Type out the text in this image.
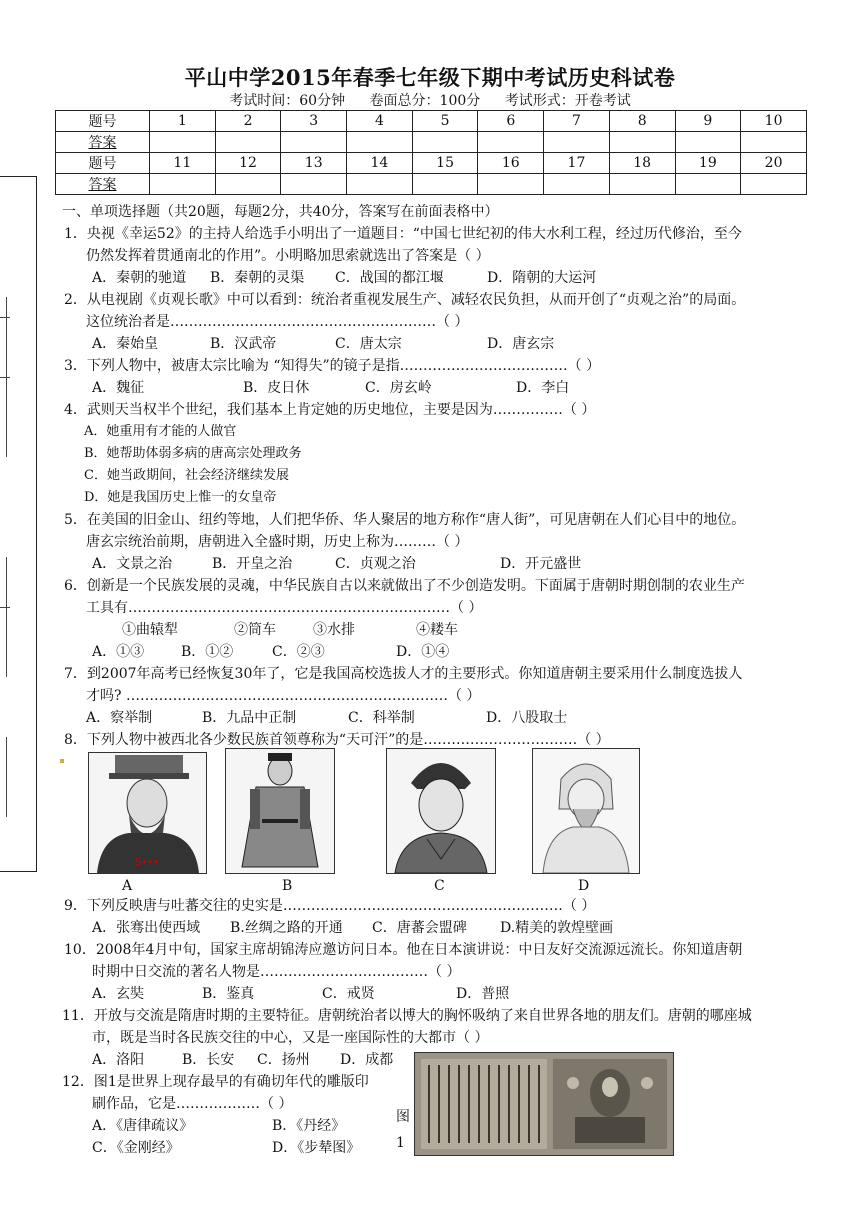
平山中学2015年春季七年级下期中考试历史科试卷
考试时间：60分钟 卷面总分：100分 考试形式：开卷考试
题号	1	2	3	4	5	6	7	8	9	10
答案										
题号	11	12	13	14	15	16	17	18	19	20
答案										
一、单项选择题（共20题，每题2分，共40分，答案写在前面表格中）
1．央视《幸运52》的主持人给选手小明出了一道题目：“中国七世纪初的伟大水利工程，经过历代修治，至今
仍然发挥着贯通南北的作用”。小明略加思索就选出了答案是（ ）
A．秦朝的驰道 B．秦朝的灵渠 C．战国的都江堰	D．隋朝的大运河
2．从电视剧《贞观长歌》中可以看到：统治者重视发展生产、减轻农民负担，从而开创了“贞观之治”的局面。
这位统治者是…………………………………………………（ ）
A．秦始皇	B．汉武帝	C．唐太宗	D．唐玄宗
3．下列人物中，被唐太宗比喻为 “知得失”的镜子是指………………………………（ ）
A．魏征	B．皮日休	C．房玄岭	D．李白
4．武则天当权半个世纪，我们基本上肯定她的历史地位，主要是因为……………（ ）
A．她重用有才能的人做官
B．她帮助体弱多病的唐高宗处理政务
C．她当政期间，社会经济继续发展
D．她是我国历史上惟一的女皇帝
5．在美国的旧金山、纽约等地，人们把华侨、华人聚居的地方称作“唐人街”，可见唐朝在人们心目中的地位。
唐玄宗统治前期，唐朝进入全盛时期，历史上称为………（ ）
A．文景之治	B．开皇之治	C．贞观之治	D．开元盛世
6．创新是一个民族发展的灵魂，中华民族自古以来就做出了不少创造发明。下面属于唐朝时期创制的农业生产
工具有……………………………………………………………（ ）
①曲辕犁	②筒车	③水排	④耧车
A．①③	B．①②	C．②③	D．①④
7．到2007年高考已经恢复30年了，它是我国高校选拔人才的主要形式。你知道唐朝主要采用什么制度选拔人
才吗? ……………………………………………………………（ ）
A．察举制	B．九品中正制	C．科举制	D．八股取士
8．下列人物中被西北各少数民族首领尊称为“天可汗”的是……………………………（ ）
S•••
A	B	C	D
9．下列反映唐与吐蕃交往的史实是……………………………………………………（ ）
A．张骞出使西域 B.丝绸之路的开通 C．唐蕃会盟碑 D.精美的敦煌壁画
10．2008年4月中旬，国家主席胡锦涛应邀访问日本。他在日本演讲说：中日友好交流源远流长。你知道唐朝
时期中日交流的著名人物是………………………………（ ）
A．玄奘	B．鉴真	C．戒贤	D．普照
11．开放与交流是隋唐时期的主要特征。唐朝统治者以博大的胸怀吸纳了来自世界各地的朋友们。唐朝的哪座城
市，既是当时各民族交往的中心，又是一座国际性的大都市（ ）
A．洛阳	B．长安 C．扬州 D．成都
12．图1是世界上现存最早的有确切年代的雕版印
刷作品，它是………………（ ）
A．《唐律疏议》	B．《丹经》
C．《金刚经》	D．《步辇图》
图1
